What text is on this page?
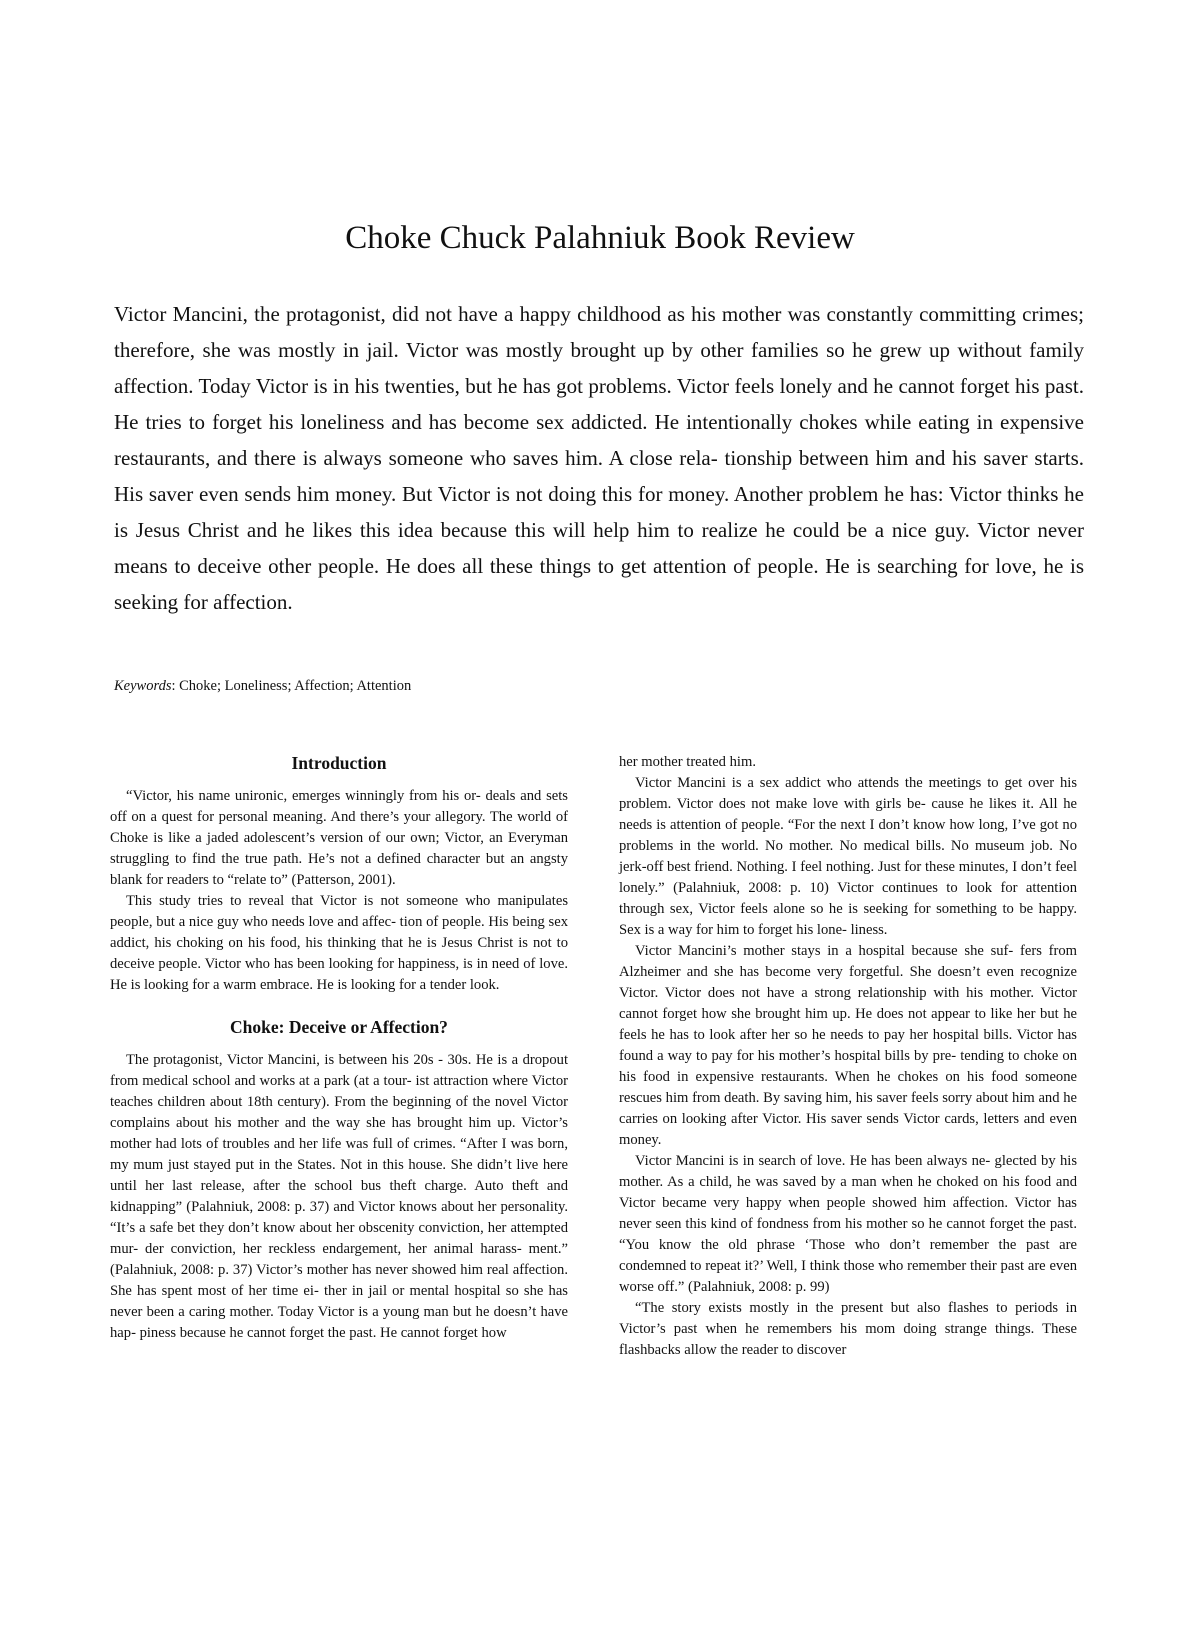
Choke Chuck Palahniuk Book Review

Victor Mancini, the protagonist, did not have a happy childhood as his mother was constantly committing crimes; therefore, she was mostly in jail. Victor was mostly brought up by other families so he grew up without family affection. Today Victor is in his twenties, but he has got problems. Victor feels lonely and he cannot forget his past. He tries to forget his loneliness and has become sex addicted. He intentionally chokes while eating in expensive restaurants, and there is always someone who saves him. A close rela- tionship between him and his saver starts. His saver even sends him money. But Victor is not doing this for money. Another problem he has: Victor thinks he is Jesus Christ and he likes this idea because this will help him to realize he could be a nice guy. Victor never means to deceive other people. He does all these things to get attention of people. He is searching for love, he is seeking for affection.

Keywords: Choke; Loneliness; Affection; Attention

Introduction

“Victor, his name unironic, emerges winningly from his or- deals and sets off on a quest for personal meaning. And there’s your allegory. The world of Choke is like a jaded adolescent’s version of our own; Victor, an Everyman struggling to find the true path. He’s not a defined character but an angsty blank for readers to “relate to” (Patterson, 2001).

This study tries to reveal that Victor is not someone who manipulates people, but a nice guy who needs love and affec- tion of people. His being sex addict, his choking on his food, his thinking that he is Jesus Christ is not to deceive people. Victor who has been looking for happiness, is in need of love. He is looking for a warm embrace. He is looking for a tender look.

Choke: Deceive or Affection?

The protagonist, Victor Mancini, is between his 20s - 30s. He is a dropout from medical school and works at a park (at a tour- ist attraction where Victor teaches children about 18th century). From the beginning of the novel Victor complains about his mother and the way she has brought him up. Victor’s mother had lots of troubles and her life was full of crimes. “After I was born, my mum just stayed put in the States. Not in this house. She didn’t live here until her last release, after the school bus theft charge. Auto theft and kidnapping” (Palahniuk, 2008: p. 37) and Victor knows about her personality. “It’s a safe bet they don’t know about her obscenity conviction, her attempted mur- der conviction, her reckless endargement, her animal harass- ment.” (Palahniuk, 2008: p. 37) Victor’s mother has never showed him real affection. She has spent most of her time ei- ther in jail or mental hospital so she has never been a caring mother. Today Victor is a young man but he doesn’t have hap- piness because he cannot forget the past. He cannot forget how

her mother treated him.

Victor Mancini is a sex addict who attends the meetings to get over his problem. Victor does not make love with girls be- cause he likes it. All he needs is attention of people. “For the next I don’t know how long, I’ve got no problems in the world. No mother. No medical bills. No museum job. No jerk-off best friend. Nothing. I feel nothing. Just for these minutes, I don’t feel lonely.” (Palahniuk, 2008: p. 10) Victor continues to look for attention through sex, Victor feels alone so he is seeking for something to be happy. Sex is a way for him to forget his lone- liness.

Victor Mancini’s mother stays in a hospital because she suf- fers from Alzheimer and she has become very forgetful. She doesn’t even recognize Victor. Victor does not have a strong relationship with his mother. Victor cannot forget how she brought him up. He does not appear to like her but he feels he has to look after her so he needs to pay her hospital bills. Victor has found a way to pay for his mother’s hospital bills by pre- tending to choke on his food in expensive restaurants. When he chokes on his food someone rescues him from death. By saving him, his saver feels sorry about him and he carries on looking after Victor. His saver sends Victor cards, letters and even money.

Victor Mancini is in search of love. He has been always ne- glected by his mother. As a child, he was saved by a man when he choked on his food and Victor became very happy when people showed him affection. Victor has never seen this kind of fondness from his mother so he cannot forget the past. “You know the old phrase ‘Those who don’t remember the past are condemned to repeat it?’ Well, I think those who remember their past are even worse off.” (Palahniuk, 2008: p. 99)

“The story exists mostly in the present but also flashes to periods in Victor’s past when he remembers his mom doing strange things. These flashbacks allow the reader to discover
